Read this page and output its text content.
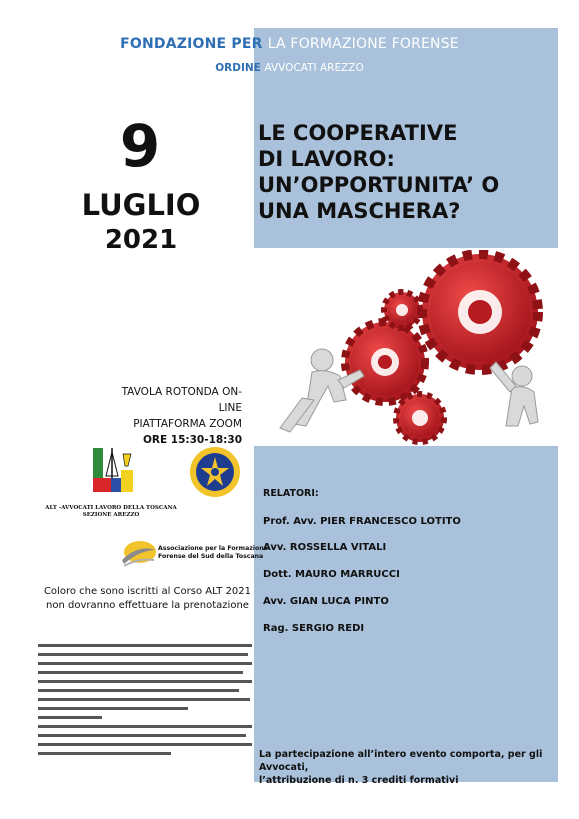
FONDAZIONE PER LA FORMAZIONE FORENSE
ORDINE AVVOCATI AREZZO
9
LUGLIO
2021
LE COOPERATIVE
DI LAVORO:
UN’OPPORTUNITA’ O
UNA MASCHERA?
TAVOLA ROTONDA ON-LINE
PIATTAFORMA ZOOM
ORE 15:30-18:30
ALT -AVVOCATI LAVORO DELLA TOSCANA
SEZIONE AREZZO
Associazione per la Formazione
Forense del Sud della Toscana
Coloro che sono iscritti al Corso ALT 2021
non dovranno effettuare la prenotazione
RELATORI:
Prof. Avv. PIER FRANCESCO LOTITO
Avv. ROSSELLA VITALI
Dott. MAURO MARRUCCI
Avv. GIAN LUCA PINTO
Rag. SERGIO REDI
La partecipazione all’intero evento comporta, per gli Avvocati,
l’attribuzione di n. 3 crediti formativi
